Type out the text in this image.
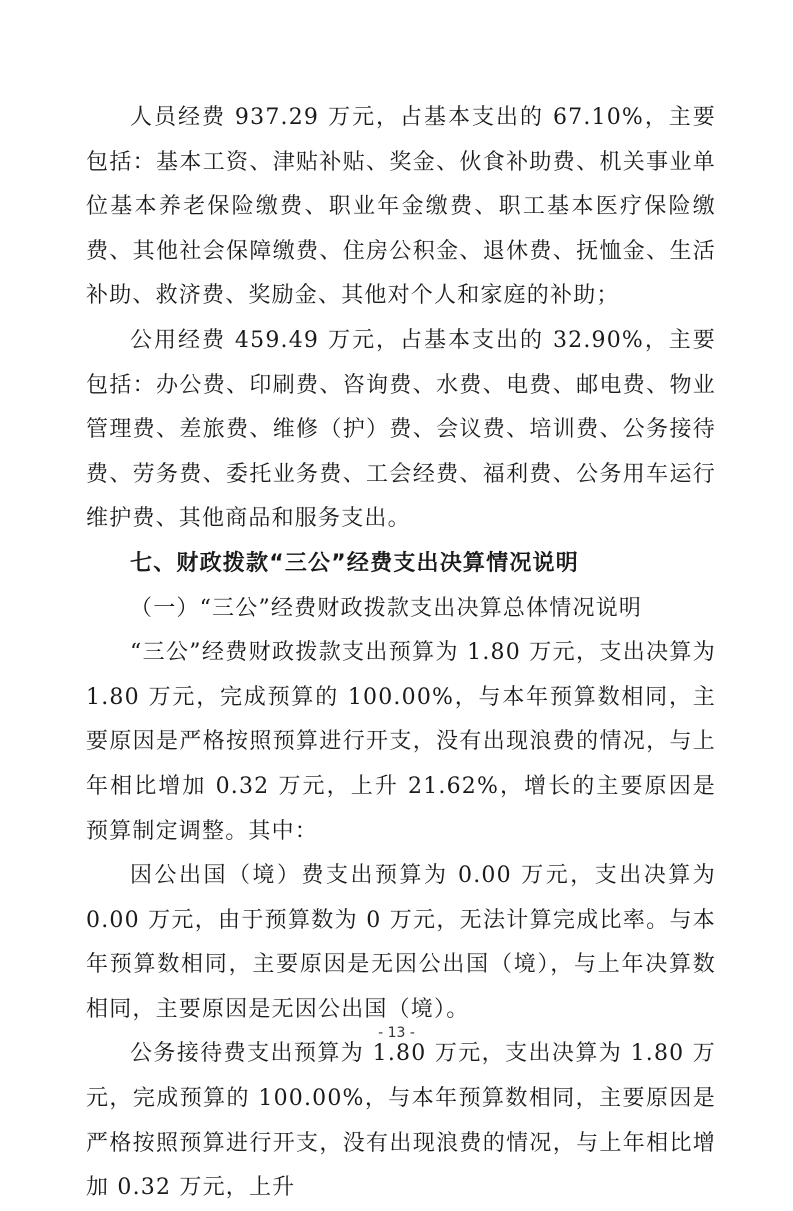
人员经费 937.29 万元，占基本支出的 67.10%，主要包括：基本工资、津贴补贴、奖金、伙食补助费、机关事业单位基本养老保险缴费、职业年金缴费、职工基本医疗保险缴费、其他社会保障缴费、住房公积金、退休费、抚恤金、生活补助、救济费、奖励金、其他对个人和家庭的补助；

公用经费 459.49 万元，占基本支出的 32.90%，主要包括：办公费、印刷费、咨询费、水费、电费、邮电费、物业管理费、差旅费、维修（护）费、会议费、培训费、公务接待费、劳务费、委托业务费、工会经费、福利费、公务用车运行维护费、其他商品和服务支出。

七、财政拨款“三公”经费支出决算情况说明

（一）“三公”经费财政拨款支出决算总体情况说明

“三公”经费财政拨款支出预算为 1.80 万元，支出决算为 1.80 万元，完成预算的 100.00%，与本年预算数相同，主要原因是严格按照预算进行开支，没有出现浪费的情况，与上年相比增加 0.32 万元，上升 21.62%，增长的主要原因是预算制定调整。其中：

因公出国（境）费支出预算为 0.00 万元，支出决算为 0.00 万元，由于预算数为 0 万元，无法计算完成比率。与本年预算数相同，主要原因是无因公出国（境），与上年决算数相同，主要原因是无因公出国（境）。

公务接待费支出预算为 1.80 万元，支出决算为 1.80 万元，完成预算的 100.00%，与本年预算数相同，主要原因是严格按照预算进行开支，没有出现浪费的情况，与上年相比增加 0.32 万元，上升

- 13 -
